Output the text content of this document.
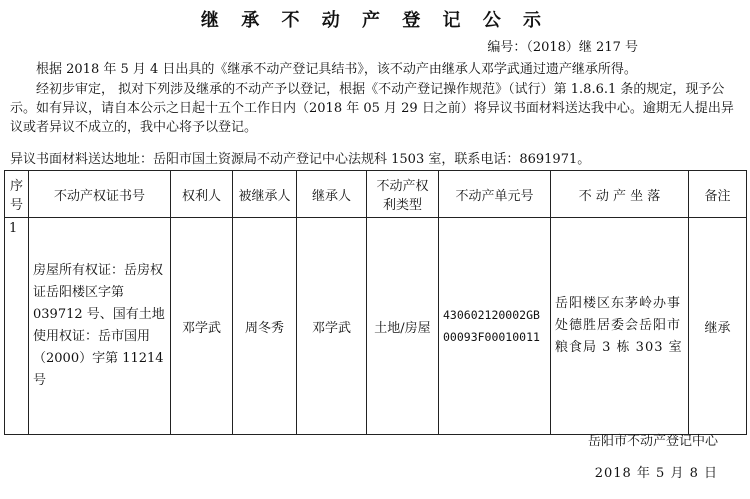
继 承 不 动 产 登 记 公 示
编号：（2018）继 217 号
根据 2018 年 5 月 4 日出具的《继承不动产登记具结书》，该不动产由继承人邓学武通过遗产继承所得。
经初步审定， 拟对下列涉及继承的不动产予以登记，根据《不动产登记操作规范》（试行）第 1.8.6.1 条的规定，现予公示。如有异议，请自本公示之日起十五个工作日内（2018 年 05 月 29 日之前）将异议书面材料送达我中心。逾期无人提出异议或者异议不成立的，我中心将予以登记。
异议书面材料送达地址：岳阳市国土资源局不动产登记中心法规科 1503 室，联系电话：8691971。
序号	不动产权证书号	权利人	被继承人	继承人	不动产权利类型	不动产单元号	不 动 产 坐 落	备注
1	房屋所有权证：岳房权证岳阳楼区字第 039712 号、国有土地使用权证：岳市国用（2000）字第 11214 号	邓学武	周冬秀	邓学武	土地/房屋	430602120002GB00093F00010011	岳阳楼区东茅岭办事处德胜居委会岳阳市粮食局 3 栋 303 室	继承
岳阳市不动产登记中心
2018 年 5 月 8 日
